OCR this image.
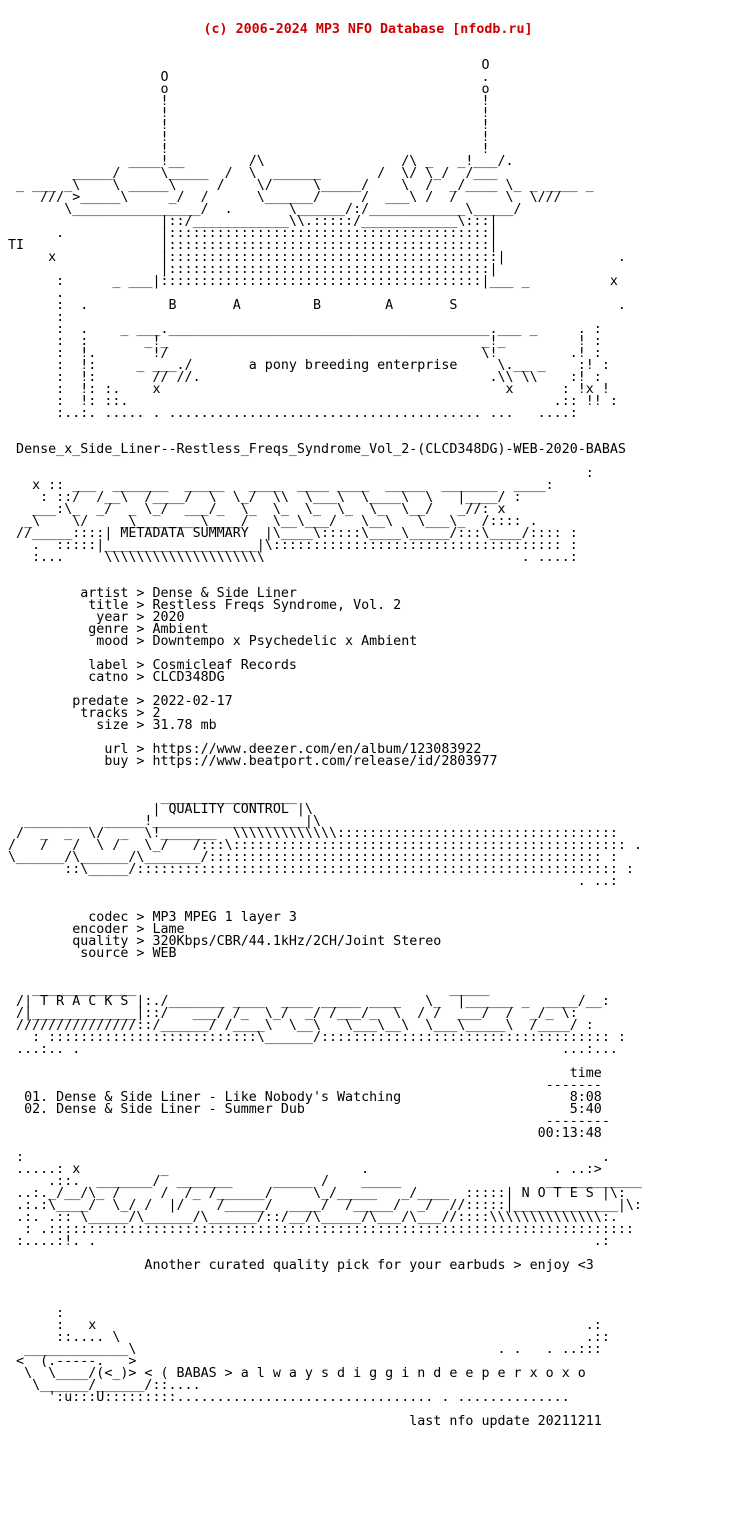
(c) 2006-2024 MP3 NFO Database [nfodb.ru]

O
O                                       .
o                                       o
!                                       !
!                                       !
!                                       !
!                                       !
!                                       !
____!__        /\                 /\ _   _!___/.
_____/     \_____  /  \  ______       /  \/ \_/  /___
_ ___ _\    \ _____\     /    \/     \_____/    \  /  _/____ \_ _ ____ _
/// >_____\     _/  /      \______/     /  ___\ /  /      \  \///
\________________/  .       \______/:/____________\_____/
|::/____________\\.:::::/____________\:::|
.            |::::::::::::::::::::::::::::::::::::::::|
TI                 |::::::::::::::::::::::::::::::::::::::::|
x             |:::::::::::::::::::::::::::::::::::::::::|              .
|::::::::::::::::::::::::::::::::::::::::|
:      _ ___|::::::::::::::::::::::::::::::::::::::::|___ _          x
.
:  .          B       A         B        A       S                    .
:
:  .    _ ___.________________________________________.___ _     . :
:  :       _!_                                       _!_         ! :
:  !.       !/                                       \!         .! :
:  !:     _ ___./       a pony breeding enterprise     \.__ _    :! :
:  !:       // //.                                    .\\ \\    :! :
:  !: :.    x                                           x      : !x !
:  !: ::.                                                     .:: !! :
:..:. ..... . ....................................... ...   ....:
Dense_x_Side_Liner--Restless_Freqs_Syndrome_Vol_2-(CLCD348DG)-WEB-2020-BABAS
:
x :: ___  _______  _____   ____  ____ ____  _____  _______  ____:
: ::/  /__\  /____/  \  \_/  \\  \___\  \____\  \   |____/ :
___:\_  _/  _ \_/  ___/_  \_  \_  \_  \_  \_  \__/   _//: x
_\    \/    _\________\____/   \__\___/   \__\   \___\_  /:::: .
//_____::::| METADATA SUMMARY  |\____\:::::\____\_____/:::\____/:::: :
.  :::::|___________________|\:::::::::::::::::::::::::::::::::::: :
:...     \\\\\\\\\\\\\\\\\\\\                                . ....:
artist > Dense & Side Liner
title > Restless Freqs Syndrome, Vol. 2
year > 2020
genre > Ambient
mood > Downtempo x Psychedelic x Ambient
label > Cosmicleaf Records
catno > CLCD348DG
predate > 2022-02-17
tracks > 2
size > 31.78 mb
url > https://www.deezer.com/en/album/123083922
buy > https://www.beatport.com/release/id/2803977
_________________
| QUALITY CONTROL |\
________  _____!___________________|\
/  _  _  \/  _  \!_______  \\\\\\\\\\\\\:::::::::::::::::::::::::::::::::::
/   /   /  \ /   \_/   /:::\::::::::::::::::::::::::::::::::::::::::::::::::: .
\______/\______/\_______/::::::::::::::::::::::::::::::::::::::::::::::::: :
::\_____/:::::::::::::::::::::::::::::::::::::::::::::::::::::::::::: :
. ..:
codec > MP3 MPEG 1 layer 3
encoder > Lame
quality > 320Kbps/CBR/44.1kHz/2CH/Joint Stereo
source > WEB
_____________                                       _____
/| T R A C K S |:./_______ ____  ____ _____ ____   \_  |______ _  ____/__:
/|_____________|::/   ___/ /_  \_/  _/ /___/_  \  / /  ___/  /  _/_ \:
///////////////::/______/ /____\  \__\   \___\__\  \___\_____\  /____/ :
: ::::::::::::::::::::::::::\______/:::::::::::::::::::::::::::::::::::: :
...:.. .                                                            ...:...
time
-------
01. Dense & Side Liner - Like Nobody's Watching                     8:08
02. Dense & Side Liner - Summer Dub                                 5:40
--------
00:13:48
:                                                                        .
.....: x          _                        .                       . ..:>
.::.  _______/  _______     _____ /    _____                  ____________
..:._/__/\_ /     /  /_ /______/     \_/_____   _/____  :::::| N O T E S |\:
.:.:\____/  \_/ /  |/    /_____/  ____/  /_____/  _/  //:::::|_____________|\:
.:. .:: \_____/\______/\______/::/__/\_____/\___/\___//::::\\\\\\\\\\\\\\:.
: .:::::::::::::::::::::::::::::::::::::::::::::::::::::::::::::::::::::::::
:....:!. .                                                              .:
Another curated quality pick for your earbuds > enjoy <3
:
:   x                                                             .:
::.... \                                                          .::
_____________\                                             . .   . ..:::
<  (.-----.   >
\  \____/(<_)> < ( BABAS > a l w a y s d i g g i n d e e p e r x o x o
\______/______/::....
':u:::U:::::::::................................ . ..............
last nfo update 20211211
